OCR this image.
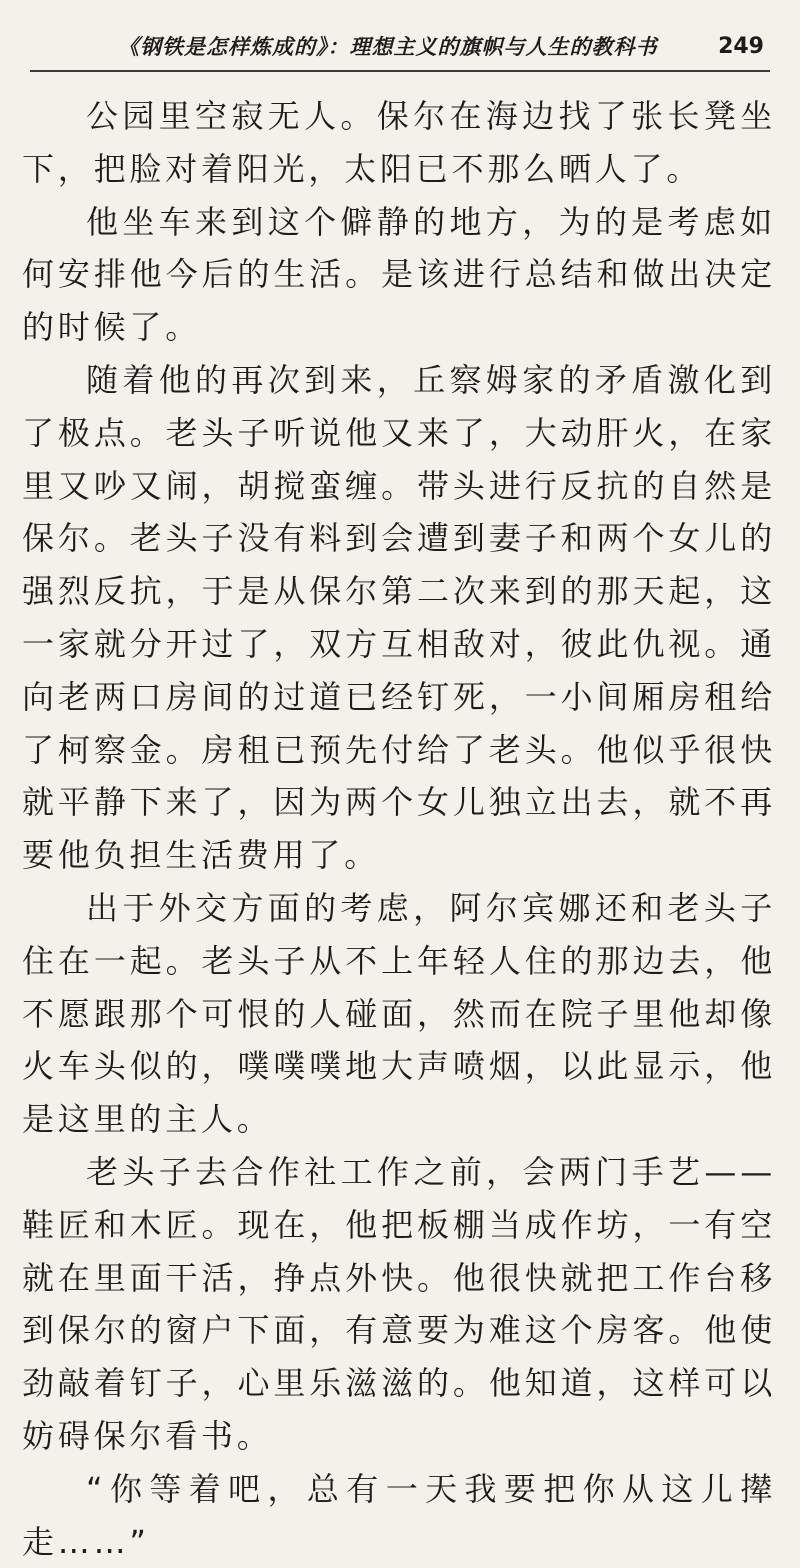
《钢铁是怎样炼成的》：理想主义的旗帜与人生的教科书	249

公园里空寂无人。保尔在海边找了张长凳坐下，把脸对着阳光，太阳已不那么晒人了。

他坐车来到这个僻静的地方，为的是考虑如何安排他今后的生活。是该进行总结和做出决定的时候了。

随着他的再次到来，丘察姆家的矛盾激化到了极点。老头子听说他又来了，大动肝火，在家里又吵又闹，胡搅蛮缠。带头进行反抗的自然是保尔。老头子没有料到会遭到妻子和两个女儿的强烈反抗，于是从保尔第二次来到的那天起，这一家就分开过了，双方互相敌对，彼此仇视。通向老两口房间的过道已经钉死，一小间厢房租给了柯察金。房租已预先付给了老头。他似乎很快就平静下来了，因为两个女儿独立出去，就不再要他负担生活费用了。

出于外交方面的考虑，阿尔宾娜还和老头子住在一起。老头子从不上年轻人住的那边去，他不愿跟那个可恨的人碰面，然而在院子里他却像火车头似的，噗噗噗地大声喷烟，以此显示，他是这里的主人。

老头子去合作社工作之前，会两门手艺——鞋匠和木匠。现在，他把板棚当成作坊，一有空就在里面干活，挣点外快。他很快就把工作台移到保尔的窗户下面，有意要为难这个房客。他使劲敲着钉子，心里乐滋滋的。他知道，这样可以妨碍保尔看书。

“你等着吧，总有一天我要把你从这儿撵走……”
